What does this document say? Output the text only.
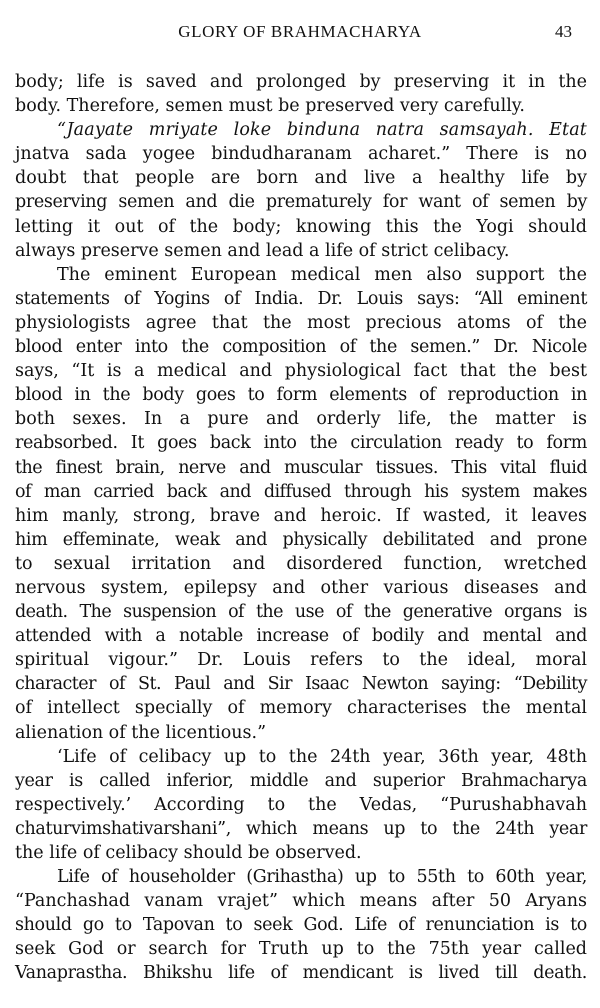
GLORY OF BRAHMACHARYA	43

body; life is saved and prolonged by preserving it in the
body. Therefore, semen must be preserved very carefully.

“Jaayate mriyate loke binduna natra samsayah. Etat
jnatva sada yogee bindudharanam acharet.” There is no
doubt that people are born and live a healthy life by
preserving semen and die prematurely for want of semen by
letting it out of the body; knowing this the Yogi should
always preserve semen and lead a life of strict celibacy.

The eminent European medical men also support the
statements of Yogins of India. Dr. Louis says: “All eminent
physiologists agree that the most precious atoms of the
blood enter into the composition of the semen.” Dr. Nicole
says, “It is a medical and physiological fact that the best
blood in the body goes to form elements of reproduction in
both sexes. In a pure and orderly life, the matter is
reabsorbed. It goes back into the circulation ready to form
the finest brain, nerve and muscular tissues. This vital fluid
of man carried back and diffused through his system makes
him manly, strong, brave and heroic. If wasted, it leaves
him effeminate, weak and physically debilitated and prone
to sexual irritation and disordered function, wretched
nervous system, epilepsy and other various diseases and
death. The suspension of the use of the generative organs is
attended with a notable increase of bodily and mental and
spiritual vigour.” Dr. Louis refers to the ideal, moral
character of St. Paul and Sir Isaac Newton saying: “Debility
of intellect specially of memory characterises the mental
alienation of the licentious.”

‘Life of celibacy up to the 24th year, 36th year, 48th
year is called inferior, middle and superior Brahmacharya
respectively.’ According to the Vedas, “Purushabhavah
chaturvimshativarshani”, which means up to the 24th year
the life of celibacy should be observed.

Life of householder (Grihastha) up to 55th to 60th year,
“Panchashad vanam vrajet” which means after 50 Aryans
should go to Tapovan to seek God. Life of renunciation is to
seek God or search for Truth up to the 75th year called
Vanaprastha. Bhikshu life of mendicant is lived till death.
